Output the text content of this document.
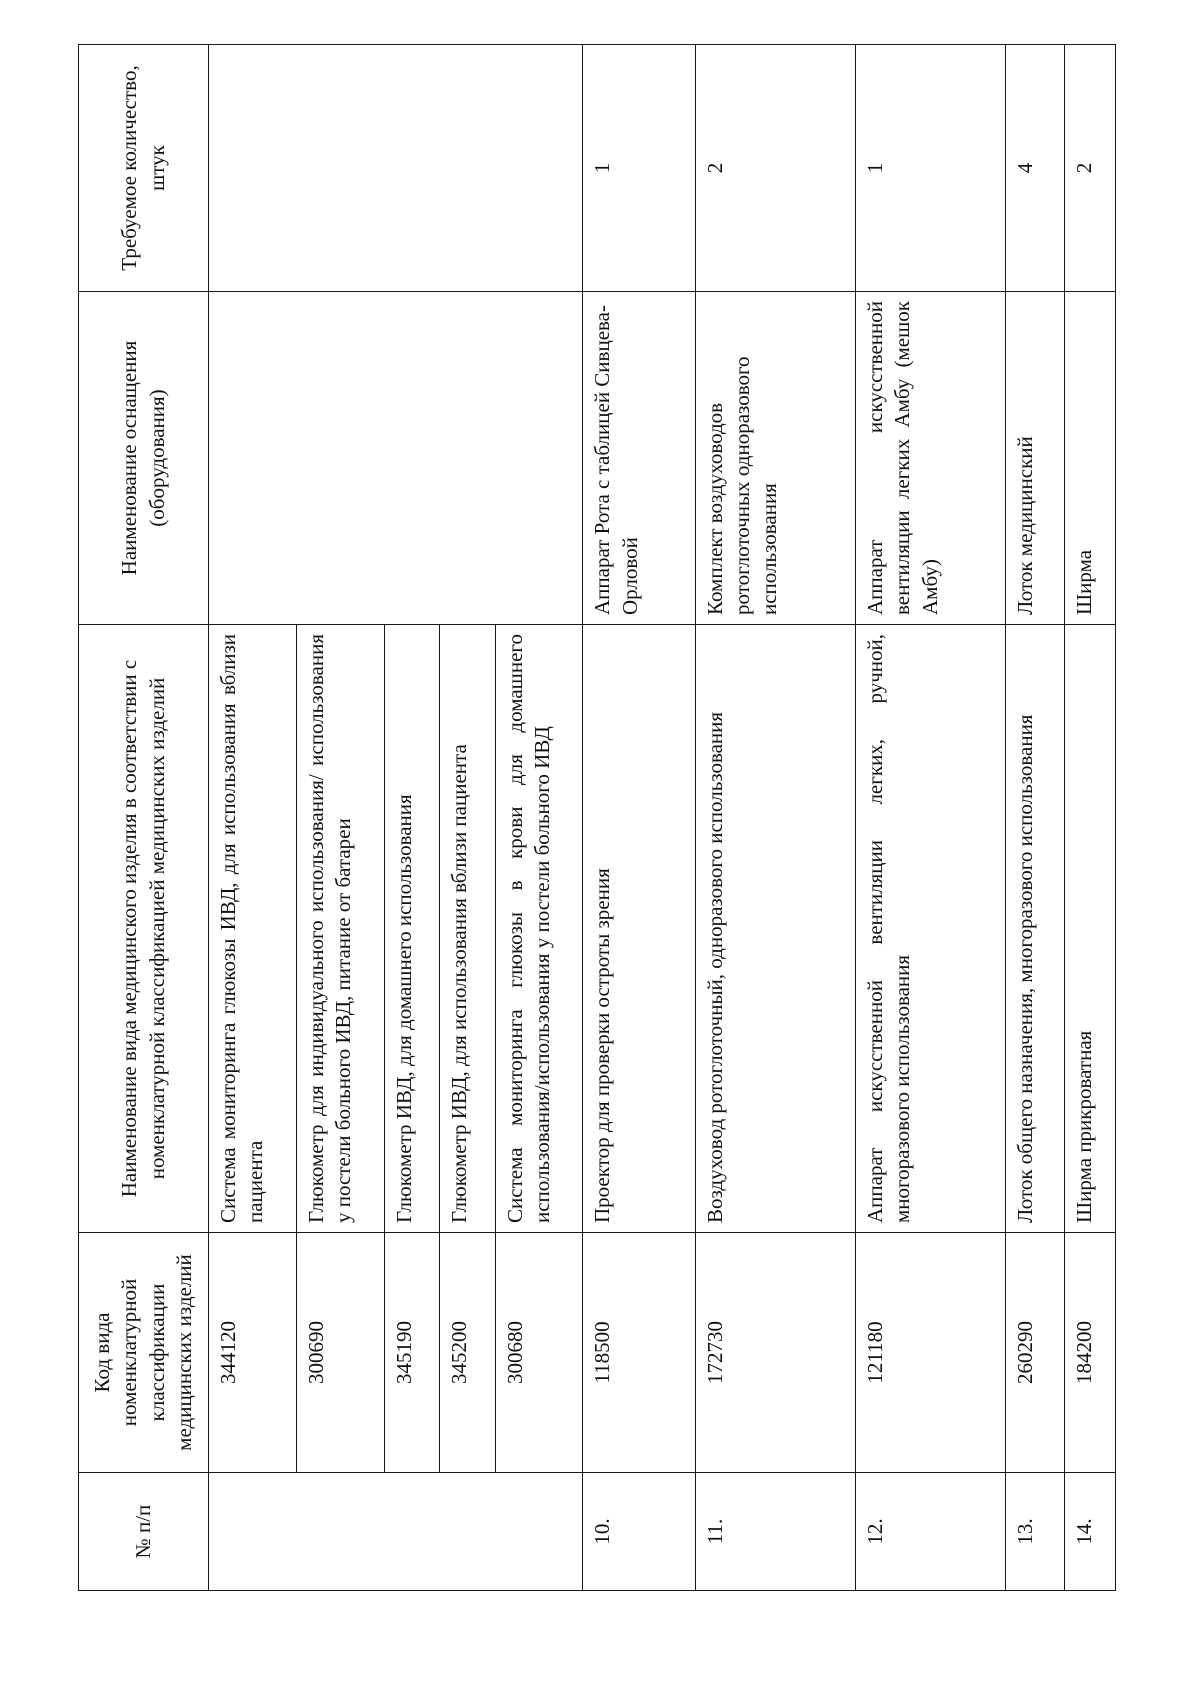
№ п/п	Код вида номенклатурной классификации медицинских изделий	Наименование вида медицинского изделия в соответствии с номенклатурной классификацией медицинских изделий	Наименование оснащения (оборудования)	Требуемое количество, штук
	344120	Система мониторинга глюкозы ИВД, для использования вблизи пациента		
	300690	Глюкометр для индивидуального использования/ использования у постели больного ИВД, питание от батареи		
	345190	Глюкометр ИВД, для домашнего использования		
	345200	Глюкометр ИВД, для использования вблизи пациента		
	300680	Система мониторинга глюкозы в крови для домашнего использования/использования у постели больного ИВД		
10.	118500	Проектор для проверки остроты зрения	Аппарат Рота с таблицей Сивцева-Орловой	1
11.	172730	Воздуховод ротоглоточный, одноразового использования	Комплект воздуховодов ротоглоточных одноразового использования	2
12.	121180	Аппарат искусственной вентиляции легких, ручной, многоразового использования	Аппарат искусственной вентиляции легких Амбу (мешок Амбу)	1
13.	260290	Лоток общего назначения, многоразового использования	Лоток медицинский	4
14.	184200	Ширма прикроватная	Ширма	2
